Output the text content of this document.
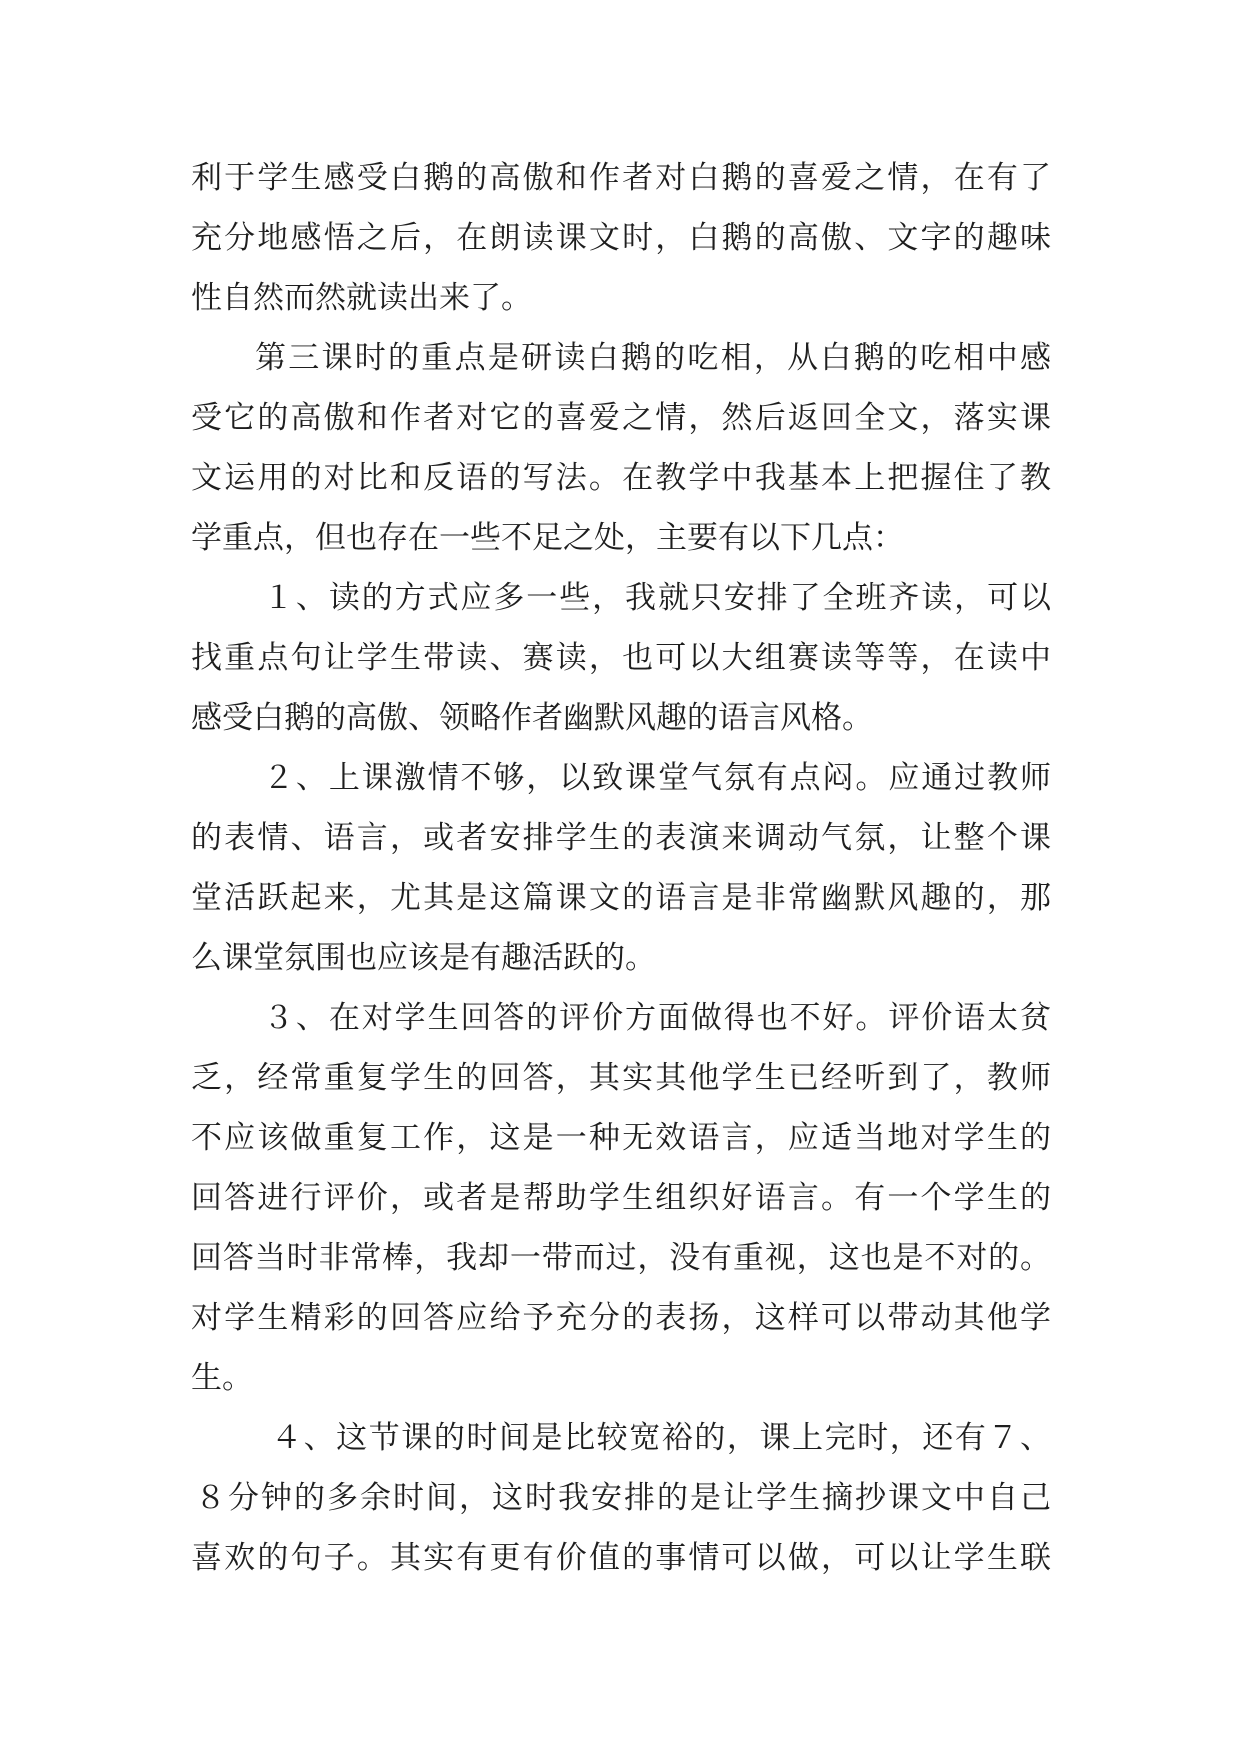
利于学生感受白鹅的高傲和作者对白鹅的喜爱之情，在有了
充分地感悟之后，在朗读课文时，白鹅的高傲、文字的趣味
性自然而然就读出来了。
第三课时的重点是研读白鹅的吃相，从白鹅的吃相中感
受它的高傲和作者对它的喜爱之情，然后返回全文，落实课
文运用的对比和反语的写法。在教学中我基本上把握住了教
学重点，但也存在一些不足之处，主要有以下几点：
１、读的方式应多一些，我就只安排了全班齐读，可以
找重点句让学生带读、赛读，也可以大组赛读等等，在读中
感受白鹅的高傲、领略作者幽默风趣的语言风格。
２、上课激情不够，以致课堂气氛有点闷。应通过教师
的表情、语言，或者安排学生的表演来调动气氛，让整个课
堂活跃起来，尤其是这篇课文的语言是非常幽默风趣的，那
么课堂氛围也应该是有趣活跃的。
３、在对学生回答的评价方面做得也不好。评价语太贫
乏，经常重复学生的回答，其实其他学生已经听到了，教师
不应该做重复工作，这是一种无效语言，应适当地对学生的
回答进行评价，或者是帮助学生组织好语言。有一个学生的
回答当时非常棒，我却一带而过，没有重视，这也是不对的。
对学生精彩的回答应给予充分的表扬，这样可以带动其他学
生。
４、这节课的时间是比较宽裕的，课上完时，还有７、
８分钟的多余时间，这时我安排的是让学生摘抄课文中自己
喜欢的句子。其实有更有价值的事情可以做，可以让学生联
